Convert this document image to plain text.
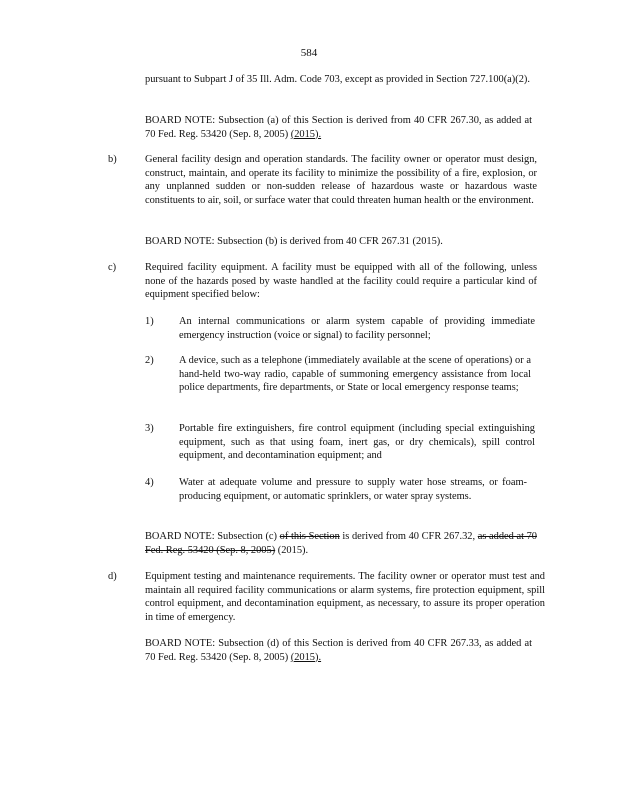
584

pursuant to Subpart J of 35 Ill. Adm. Code 703, except as provided in Section 727.100(a)(2).

BOARD NOTE: Subsection (a) of this Section is derived from 40 CFR 267.30, as added at 70 Fed. Reg. 53420 (Sep. 8, 2005) (2015).

b)	General facility design and operation standards. The facility owner or operator must design, construct, maintain, and operate its facility to minimize the possibility of a fire, explosion, or any unplanned sudden or non-sudden release of hazardous waste or hazardous waste constituents to air, soil, or surface water that could threaten human health or the environment.

BOARD NOTE: Subsection (b) is derived from 40 CFR 267.31 (2015).

c)	Required facility equipment. A facility must be equipped with all of the following, unless none of the hazards posed by waste handled at the facility could require a particular kind of equipment specified below:

1) An internal communications or alarm system capable of providing immediate emergency instruction (voice or signal) to facility personnel;

2) A device, such as a telephone (immediately available at the scene of operations) or a hand-held two-way radio, capable of summoning emergency assistance from local police departments, fire departments, or State or local emergency response teams;

3) Portable fire extinguishers, fire control equipment (including special extinguishing equipment, such as that using foam, inert gas, or dry chemicals), spill control equipment, and decontamination equipment; and

4) Water at adequate volume and pressure to supply water hose streams, or foam-producing equipment, or automatic sprinklers, or water spray systems.

BOARD NOTE: Subsection (c) of this Section is derived from 40 CFR 267.32, as added at 70 Fed. Reg. 53420 (Sep. 8, 2005) (2015).

d)	Equipment testing and maintenance requirements. The facility owner or operator must test and maintain all required facility communications or alarm systems, fire protection equipment, spill control equipment, and decontamination equipment, as necessary, to assure its proper operation in time of emergency.

BOARD NOTE: Subsection (d) of this Section is derived from 40 CFR 267.33, as added at 70 Fed. Reg. 53420 (Sep. 8, 2005) (2015).
